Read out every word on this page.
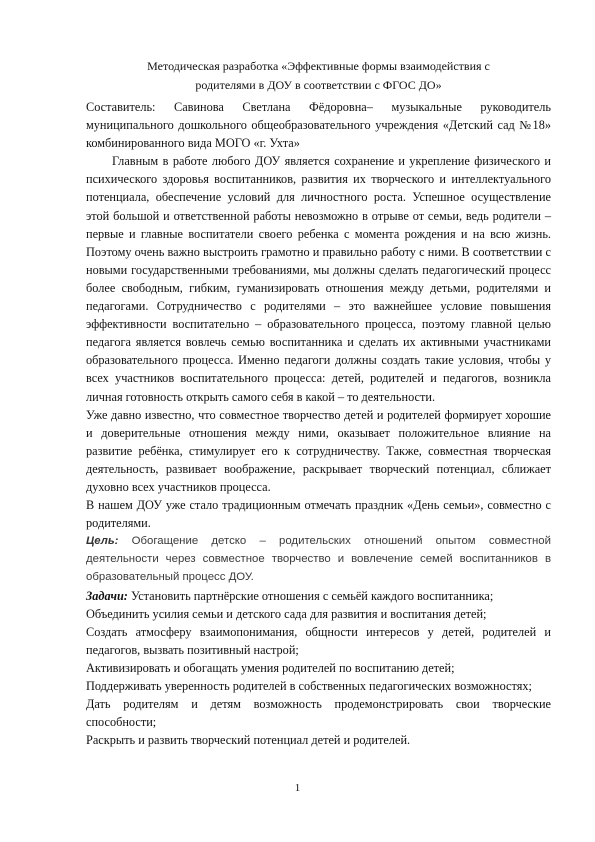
Методическая разработка «Эффективные формы взаимодействия с
родителями в ДОУ в соответствии с ФГОС ДО»

Составитель: Савинова Светлана Фёдоровна– музыкальные руководитель муниципального дошкольного общеобразовательного учреждения «Детский сад №18» комбинированного вида МОГО «г. Ухта»

Главным в работе любого ДОУ является сохранение и укрепление физического и психического здоровья воспитанников, развития их творческого и интеллектуального потенциала, обеспечение условий для личностного роста. Успешное осуществление этой большой и ответственной работы невозможно в отрыве от семьи, ведь родители – первые и главные воспитатели своего ребенка с момента рождения и на всю жизнь. Поэтому очень важно выстроить грамотно и правильно работу с ними. В соответствии с новыми государственными требованиями, мы должны сделать педагогический процесс более свободным, гибким, гуманизировать отношения между детьми, родителями и педагогами. Сотрудничество с родителями – это важнейшее условие повышения эффективности воспитательно – образовательного процесса, поэтому главной целью педагога является вовлечь семью воспитанника и сделать их активными участниками образовательного процесса. Именно педагоги должны создать такие условия, чтобы у всех участников воспитательного процесса: детей, родителей и педагогов, возникла личная готовность открыть самого себя в какой – то деятельности.

Уже давно известно, что совместное творчество детей и родителей формирует хорошие и доверительные отношения между ними, оказывает положительное влияние на развитие ребёнка, стимулирует его к сотрудничеству. Также, совместная творческая деятельность, развивает воображение, раскрывает творческий потенциал, сближает духовно всех участников процесса.

В нашем ДОУ уже стало традиционным отмечать праздник «День семьи», совместно с родителями.

Цель: Обогащение детско – родительских отношений опытом совместной деятельности через совместное творчество и вовлечение семей воспитанников в образовательный процесс ДОУ.

Задачи: Установить партнёрские отношения с семьёй каждого воспитанника;

Объединить усилия семьи и детского сада для развития и воспитания детей;

Создать атмосферу взаимопонимания, общности интересов у детей, родителей и педагогов, вызвать позитивный настрой;

Активизировать и обогащать умения родителей по воспитанию детей;

Поддерживать уверенность родителей в собственных педагогических возможностях;

Дать родителям и детям возможность продемонстрировать свои творческие способности;

Раскрыть и развить творческий потенциал детей и родителей.

1
